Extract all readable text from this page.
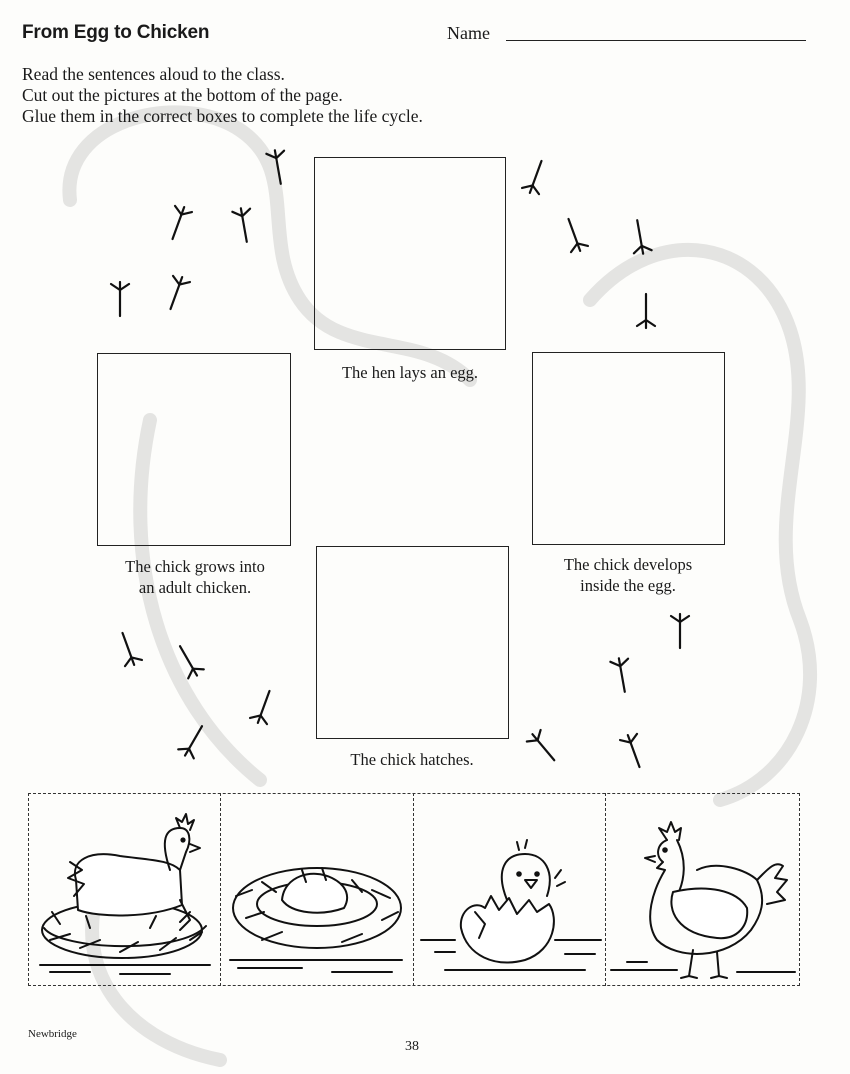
From Egg to Chicken	Name
Read the sentences aloud to the class.
Cut out the pictures at the bottom of the page.
Glue them in the correct boxes to complete the life cycle.
The hen lays an egg.
The chick grows into
an adult chicken.
The chick develops
inside the egg.
The chick hatches.
Newbridge
38
